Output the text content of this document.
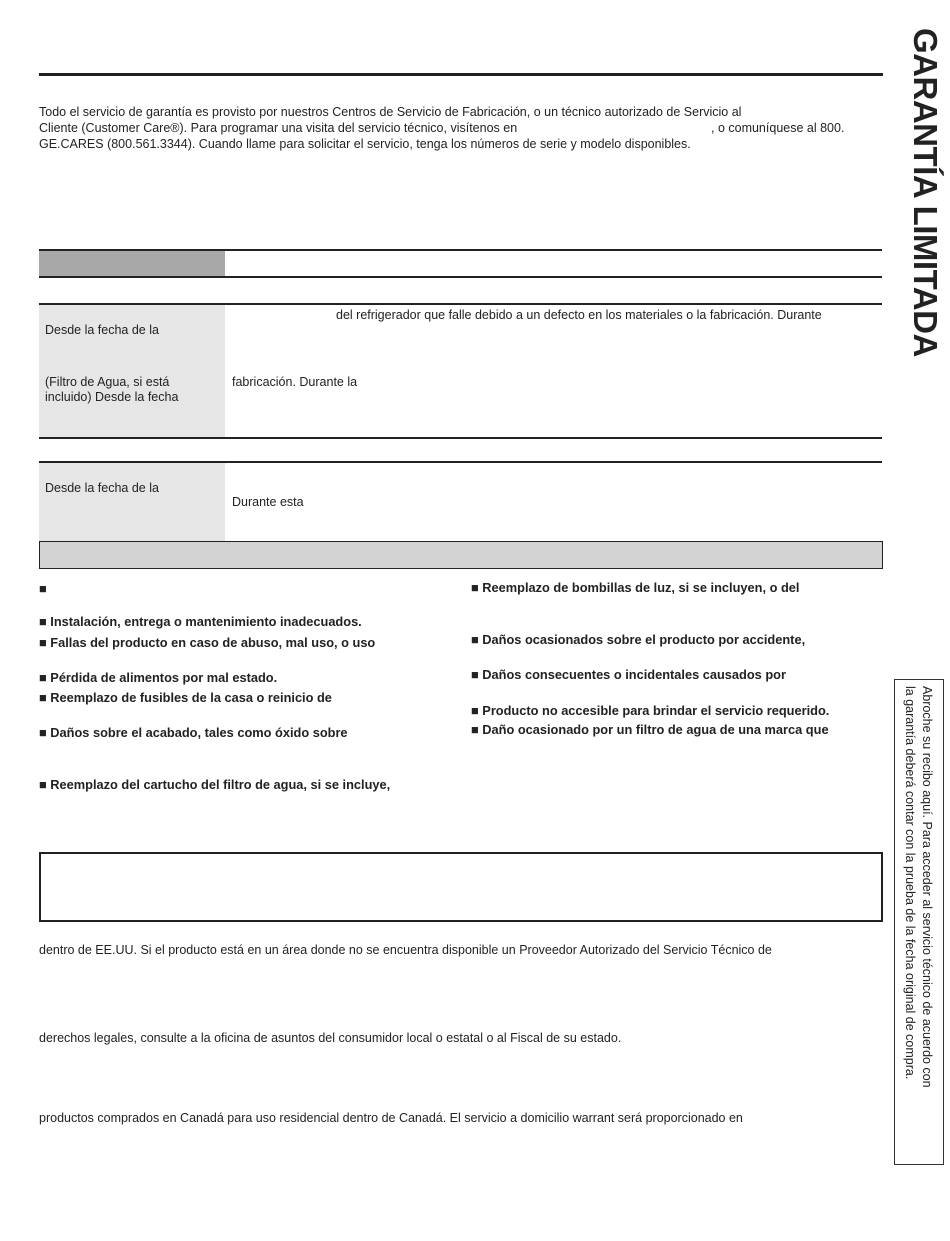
GARANTÍA LIMITADA
Todo el servicio de garantía es provisto por nuestros Centros de Servicio de Fabricación, o un técnico autorizado de Servicio al
Cliente (Customer Care®). Para programar una visita del servicio técnico, visítenos en	, o comuníquese al 800.
GE.CARES (800.561.3344). Cuando llame para solicitar el servicio, tenga los números de serie y modelo disponibles.
Desde la fecha de la
del refrigerador que falle debido a un defecto en los materiales o la fabricación. Durante
(Filtro de Agua, si está
incluido) Desde la fecha
fabricación. Durante la
Desde la fecha de la
Durante esta
■
■ Instalación, entrega o mantenimiento inadecuados.
■ Fallas del producto en caso de abuso, mal uso, o uso
■ Pérdida de alimentos por mal estado.
■ Reemplazo de fusibles de la casa o reinicio de
■ Daños sobre el acabado, tales como óxido sobre
■ Reemplazo del cartucho del filtro de agua, si se incluye,
■ Reemplazo de bombillas de luz, si se incluyen, o del
■ Daños ocasionados sobre el producto por accidente,
■ Daños consecuentes o incidentales causados por
■ Producto no accesible para brindar el servicio requerido.
■ Daño ocasionado por un filtro de agua de una marca que
dentro de EE.UU. Si el producto está en un área donde no se encuentra disponible un Proveedor Autorizado del Servicio Técnico de
derechos legales, consulte a la oficina de asuntos del consumidor local o estatal o al Fiscal de su estado.
productos comprados en Canadá para uso residencial dentro de Canadá. El servicio a domicilio warrant será proporcionado en
Abroche su recibo aquí. Para acceder al servicio técnico de acuerdo con
la garantía deberá contar con la prueba de la fecha original de compra.
